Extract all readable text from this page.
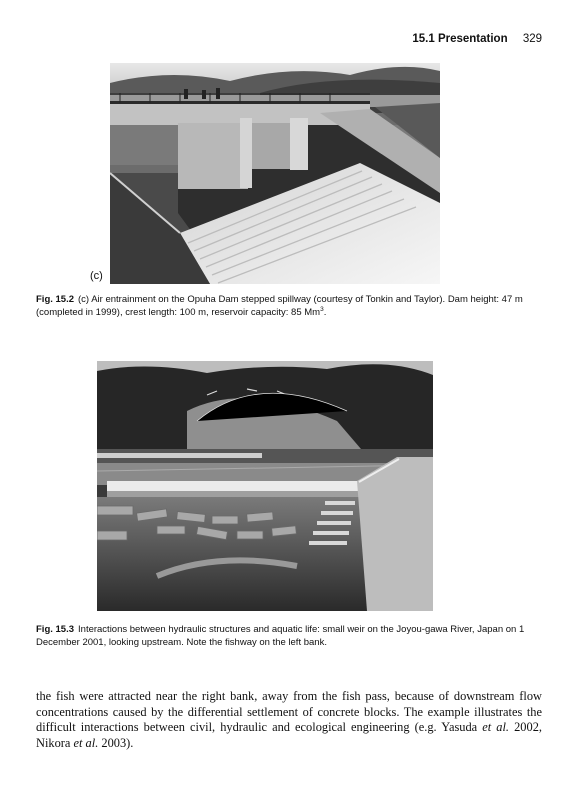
15.1 Presentation 329
(c)
Fig. 15.2 (c) Air entrainment on the Opuha Dam stepped spillway (courtesy of Tonkin and Taylor). Dam height: 47 m (completed in 1999), crest length: 100 m, reservoir capacity: 85 Mm$^3$.
Fig. 15.3 Interactions between hydraulic structures and aquatic life: small weir on the Joyou-gawa River, Japan on 1 December 2001, looking upstream. Note the fishway on the left bank.
the fish were attracted near the right bank, away from the fish pass, because of downstream flow concentrations caused by the differential settlement of concrete blocks. The example illustrates the difficult interactions between civil, hydraulic and ecological engineering (e.g. Yasuda et al. 2002, Nikora et al. 2003).
